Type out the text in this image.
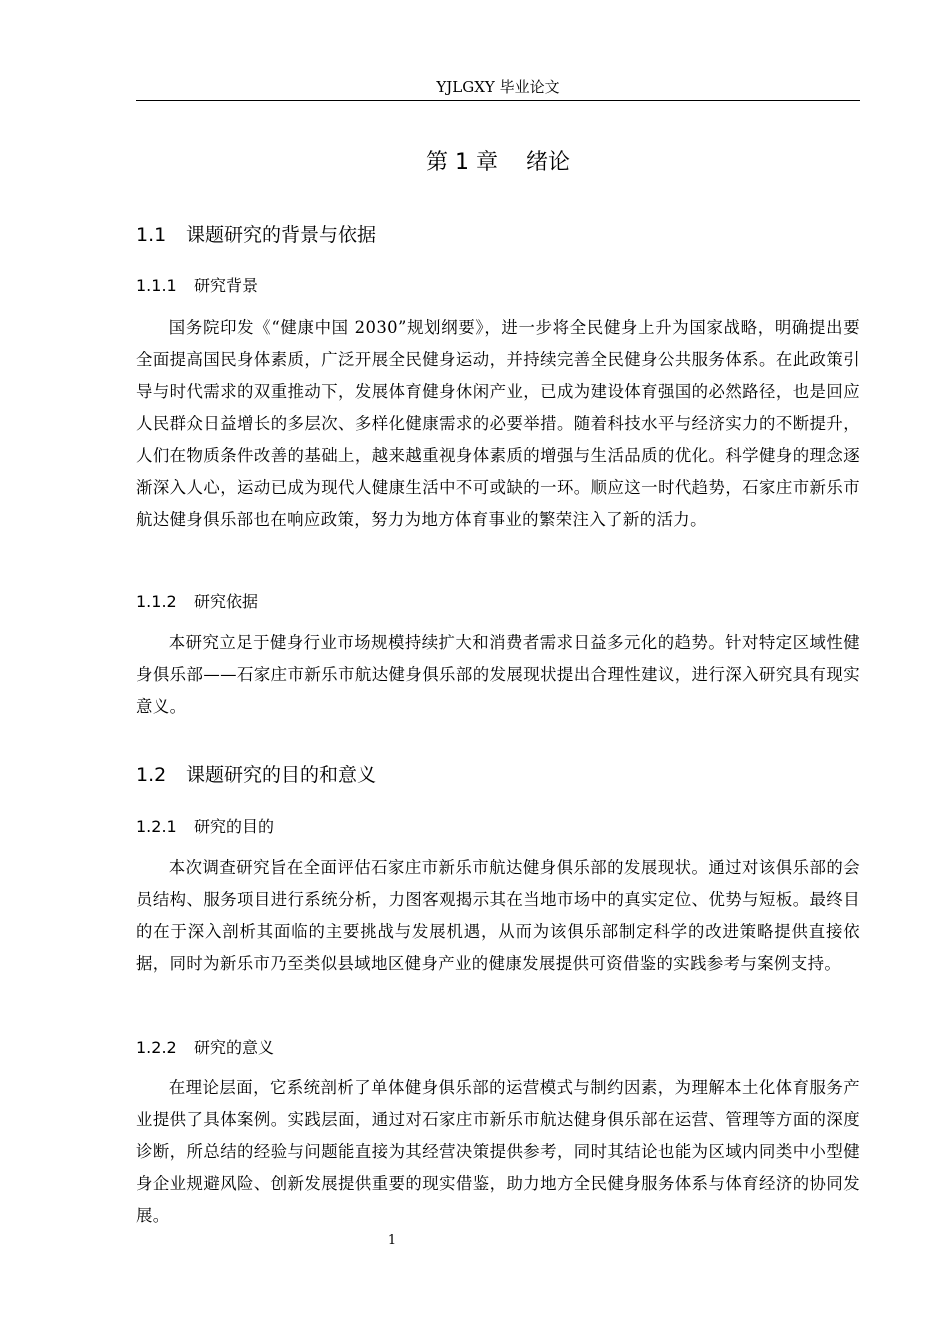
YJLGXY 毕业论文
第 1 章    绪论
1.1 课题研究的背景与依据
1.1.1 研究背景

国务院印发《“健康中国 2030”规划纲要》，进一步将全民健身上升为国家战略，明确提出要全面提高国民身体素质，广泛开展全民健身运动，并持续完善全民健身公共服务体系。在此政策引导与时代需求的双重推动下，发展体育健身休闲产业，已成为建设体育强国的必然路径，也是回应人民群众日益增长的多层次、多样化健康需求的必要举措。随着科技水平与经济实力的不断提升，人们在物质条件改善的基础上，越来越重视身体素质的增强与生活品质的优化。科学健身的理念逐渐深入人心，运动已成为现代人健康生活中不可或缺的一环。顺应这一时代趋势，石家庄市新乐市航达健身俱乐部也在响应政策，努力为地方体育事业的繁荣注入了新的活力。

1.1.2 研究依据

本研究立足于健身行业市场规模持续扩大和消费者需求日益多元化的趋势。针对特定区域性健身俱乐部——石家庄市新乐市航达健身俱乐部的发展现状提出合理性建议，进行深入研究具有现实意义。

1.2 课题研究的目的和意义
1.2.1 研究的目的

本次调查研究旨在全面评估石家庄市新乐市航达健身俱乐部的发展现状。通过对该俱乐部的会员结构、服务项目进行系统分析，力图客观揭示其在当地市场中的真实定位、优势与短板。最终目的在于深入剖析其面临的主要挑战与发展机遇，从而为该俱乐部制定科学的改进策略提供直接依据，同时为新乐市乃至类似县域地区健身产业的健康发展提供可资借鉴的实践参考与案例支持。

1.2.2 研究的意义

在理论层面，它系统剖析了单体健身俱乐部的运营模式与制约因素，为理解本土化体育服务产业提供了具体案例。实践层面，通过对石家庄市新乐市航达健身俱乐部在运营、管理等方面的深度诊断，所总结的经验与问题能直接为其经营决策提供参考，同时其结论也能为区域内同类中小型健身企业规避风险、创新发展提供重要的现实借鉴，助力地方全民健身服务体系与体育经济的协同发展。

1
